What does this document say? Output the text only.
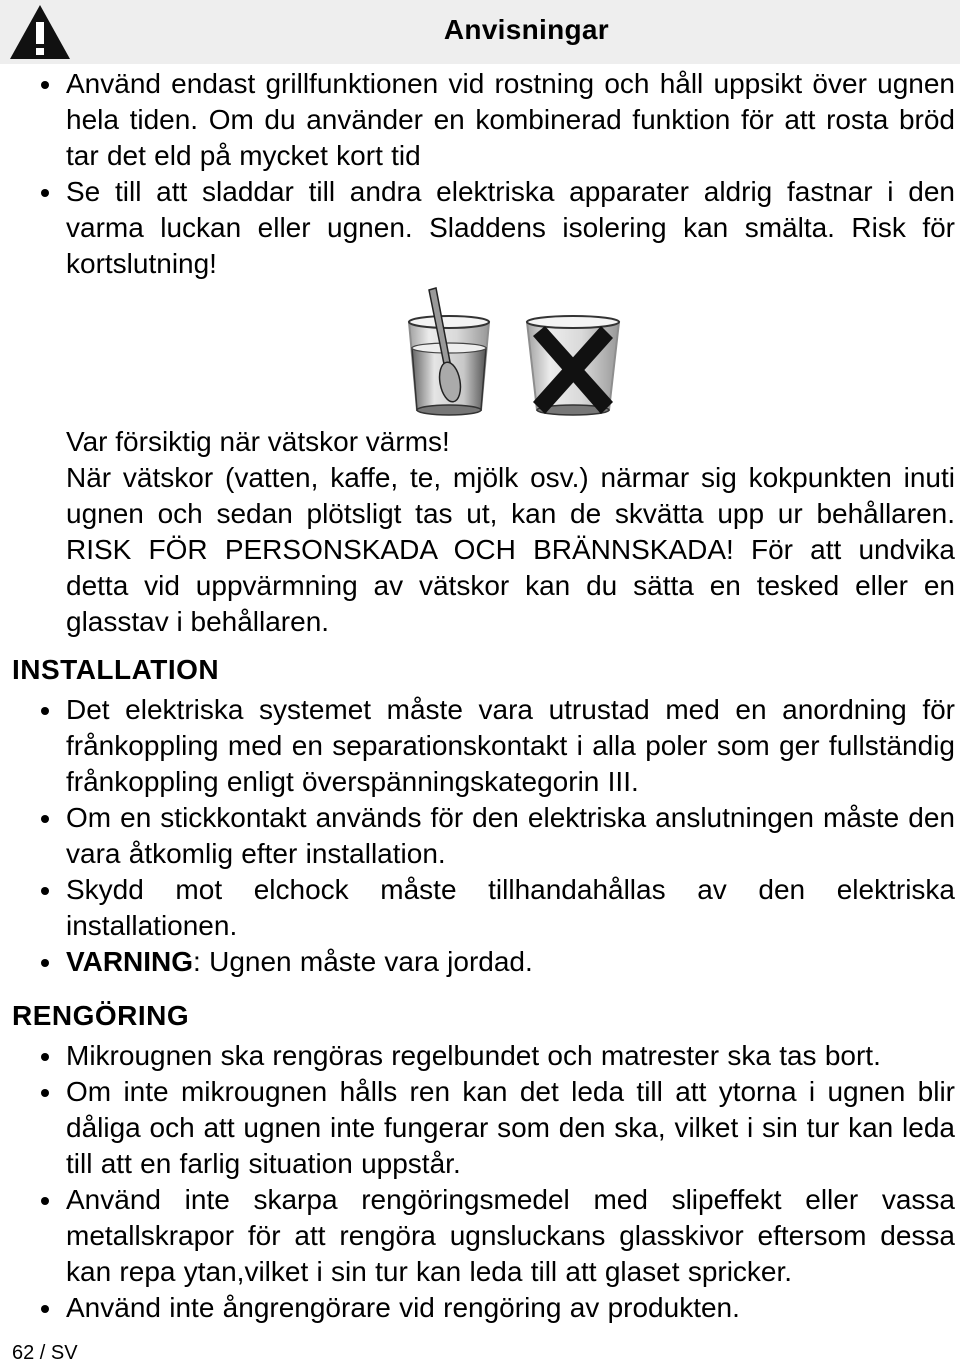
Anvisningar
Använd endast grillfunktionen vid rostning och håll uppsikt över ugnen hela tiden. Om du använder en kombinerad funktion för att rosta bröd tar det eld på mycket kort tid
Se till att sladdar till andra elektriska apparater aldrig fastnar i den varma luckan eller ugnen. Sladdens isolering kan smälta. Risk för kortslutning!

Var försiktig när vätskor värms!

När vätskor (vatten, kaffe, te, mjölk osv.) närmar sig kokpunkten inuti ugnen och sedan plötsligt tas ut, kan de skvätta upp ur behållaren. RISK FÖR PERSONSKADA OCH BRÄNNSKADA! För att undvika detta vid uppvärmning av vätskor kan du sätta en tesked eller en glasstav i behållaren.

INSTALLATION
Det elektriska systemet måste vara utrustad med en anordning för frånkoppling med en separationskontakt i alla poler som ger fullständig frånkoppling enligt överspänningskategorin III.
Om en stickkontakt används för den elektriska anslutningen måste den vara åtkomlig efter installation.
Skydd mot elchock måste tillhandahållas av den elektriska installationen.
VARNING: Ugnen måste vara jordad.
RENGÖRING
Mikrougnen ska rengöras regelbundet och matrester ska tas bort.
Om inte mikrougnen hålls ren kan det leda till att ytorna i ugnen blir dåliga och att ugnen inte fungerar som den ska, vilket i sin tur kan leda till att en farlig situation uppstår.
Använd inte skarpa rengöringsmedel med slipeffekt eller vassa metallskrapor för att rengöra ugnsluckans glasskivor eftersom dessa kan repa ytan,vilket i sin tur kan leda till att glaset spricker.
Använd inte ångrengörare vid rengöring av produkten.
62 / SV
